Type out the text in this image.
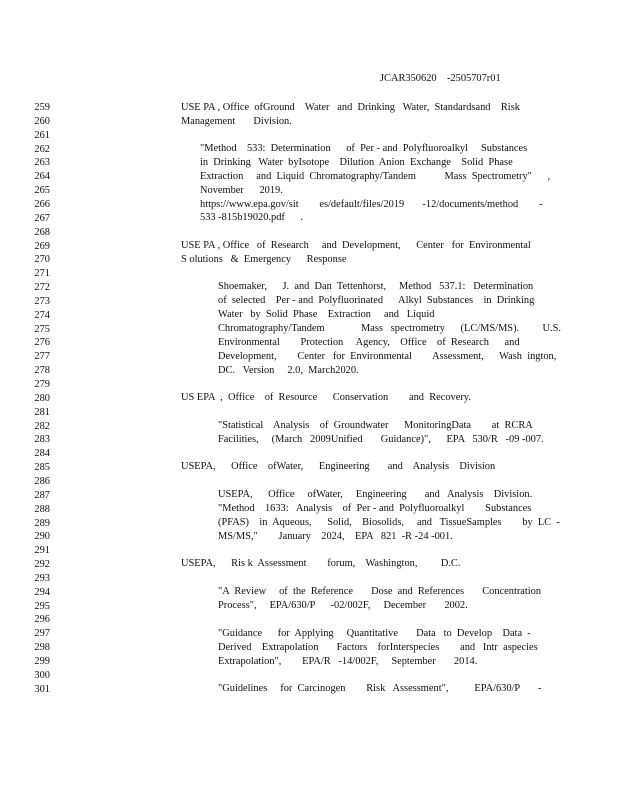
JCAR350620    -2505707r01
259
260
261
262
263
264
265
266
267
268
269
270
271
272
273
274
275
276
277
278
279
280
281
282
283
284
285
286
287
288
289
290
291
292
293
294
295
296
297
298
299
300
301
USE PA , Office  ofGround    Water   and  Drinking   Water,  Standardsand    Risk
Management       Division.
"Method    533:  Determination      of  Per - and  Polyfluoroalkyl     Substances
in  Drinking   Water  byIsotope    Dilution  Anion  Exchange    Solid  Phase
Extraction     and  Liquid  Chromatography/Tandem           Mass  Spectrometry"      ,
November      2019.
https://www.epa.gov/sit        es/default/files/2019       -12/documents/method        -
533 -815b19020.pdf      .
USE PA , Office   of  Research     and  Development,      Center   for  Environmental
S olutions   &  Emergency      Response
Shoemaker,      J.  and  Dan  Tettenhorst,     Method   537.1:   Determination
of  selected    Per - and  Polyfluorinated      Alkyl  Substances    in  Drinking
Water   by  Solid  Phase    Extraction     and   Liquid
Chromatography/Tandem              Mass   spectrometry      (LC/MS/MS).         U.S.
Environmental        Protection     Agency,    Office    of  Research      and
Development,        Center   for  Environmental        Assessment,      Wash  ington,
DC.   Version     2.0,  March2020.
US EPA  ,  Office    of  Resource      Conservation        and  Recovery.
"Statistical    Analysis    of  Groundwater      MonitoringData        at  RCRA
Facilities,     (March   2009Unified       Guidance)",      EPA   530/R   -09 -007.
USEPA,      Office    ofWater,      Engineering       and    Analysis    Division
USEPA,      Office     ofWater,     Engineering       and   Analysis    Division.
"Method    1633:   Analysis    of  Per - and  Polyfluoroalkyl        Substances
(PFAS)    in  Aqueous,      Solid,    Biosolids,     and   TissueSamples        by  LC  -
MS/MS,"        January    2024,    EPA   821  -R -24 -001.
USEPA,      Ris k  Assessment        forum,    Washington,         D.C.
"A  Review     of  the  Reference       Dose  and  References       Concentration
Process",     EPA/630/P      -02/002F,     December       2002.
"Guidance      for  Applying     Quantitative       Data   to  Develop    Data  -
Derived    Extrapolation       Factors    forInterspecies        and   Intr  aspecies
Extrapolation",        EPA/R   -14/002F,     September       2014.
"Guidelines     for  Carcinogen        Risk   Assessment",          EPA/630/P       -
